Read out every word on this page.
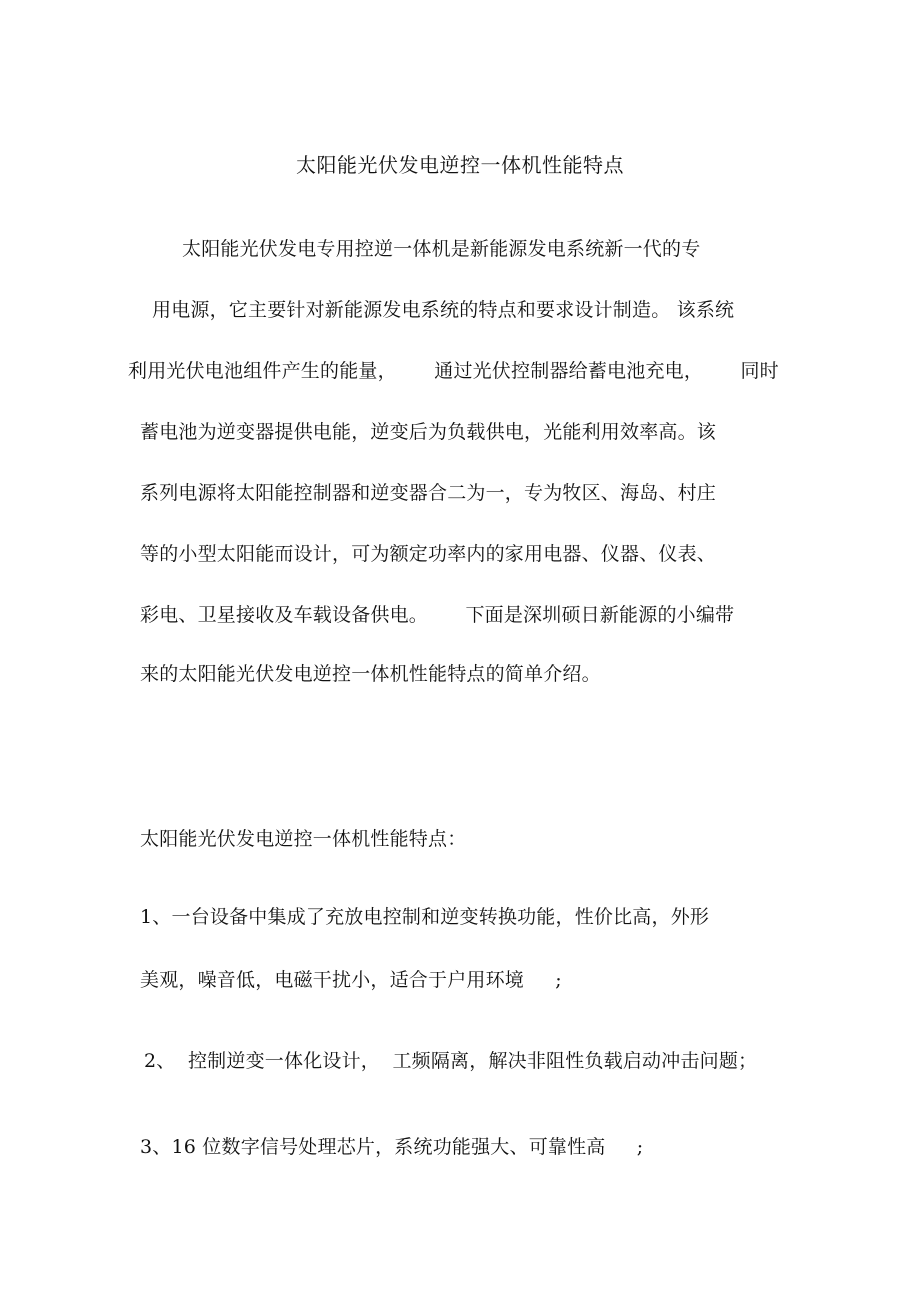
太阳能光伏发电逆控一体机性能特点
太阳能光伏发电专用控逆一体机是新能源发电系统新一代的专
用电源，它主要针对新能源发电系统的特点和要求设计制造。 该系统
利用光伏电池组件产生的能量，      通过光伏控制器给蓄电池充电，      同时
蓄电池为逆变器提供电能，逆变后为负载供电，光能利用效率高。该
系列电源将太阳能控制器和逆变器合二为一，专为牧区、海岛、村庄
等的小型太阳能而设计，可为额定功率内的家用电器、仪器、仪表、
彩电、卫星接收及车载设备供电。      下面是深圳硕日新能源的小编带
来的太阳能光伏发电逆控一体机性能特点的简单介绍。
太阳能光伏发电逆控一体机性能特点：
1、一台设备中集成了充放电控制和逆变转换功能，性价比高，外形
美观，噪音低，电磁干扰小，适合于户用环境     ;
2、  控制逆变一体化设计，  工频隔离，解决非阻性负载启动冲击问题；
3、16 位数字信号处理芯片，系统功能强大、可靠性高     ;
